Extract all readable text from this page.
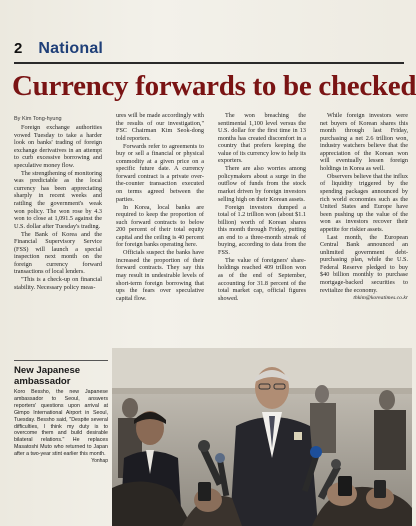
2 National
Currency forwards to be checked
By Kim Tong-hyung

Foreign exchange authorities vowed Tuesday to take a harder look on banks' trading of foreign exchange derivatives in an attempt to curb excessive borrowing and speculative money flow.

The strengthening of monitoring was predictable as the local currency has been appreciating sharply in recent weeks and rattling the government's weak won policy. The won rose by 4.3 won to close at 1,091.5 against the U.S. dollar after Tuesday's trading.

The Bank of Korea and the Financial Supervisory Service (FSS) will launch a special inspection next month on the foreign currency forward transactions of local lenders.

"This is a check-up on financial stability. Necessary policy meas-

ures will be made accordingly with the results of our investigation," FSC Chairman Kim Seok-dong told reporters.

Forwards refer to agreements to buy or sell a financial or physical commodity at a given price on a specific future date. A currency forward contract is a private over-the-counter transaction executed on terms agreed between the parties.

In Korea, local banks are required to keep the proportion of such forward contracts to below 200 percent of their total equity capital and the ceiling is 40 percent for foreign banks operating here.

Officials suspect the banks have increased the proportion of their forward contracts. They say this may result in undesirable levels of short-term foreign borrowing that ups the fears over speculative capital flow.

The won breaching the sentimental 1,100 level versus the U.S. dollar for the first time in 13 months has created discomfort in a country that prefers keeping the value of its currency low to help its exporters.

There are also worries among policymakers about a surge in the outflow of funds from the stock market driven by foreign investors selling high on their Korean assets.

Foreign investors dumped a total of 1.2 trillion won (about $1.1 billion) worth of Korean shares this month through Friday, putting an end to a three-month streak of buying, according to data from the FSS.

The value of foreigners' share-holdings reached 409 trillion won as of the end of September, accounting for 31.8 percent of the total market cap, official figures showed.

While foreign investors were net buyers of Korean shares this month through last Friday, purchasing a net 2.6 trillion won, industry watchers believe that the appreciation of the Korean won will eventually lessen foreign holdings in Korea as well.

Observers believe that the influx of liquidity triggered by the spending packages announced by rich world economies such as the United States and Europe have been pushing up the value of the won as investors recover their appetite for riskier assets.

Last month, the European Central Bank announced an unlimited government debt-purchasing plan, while the U.S. Federal Reserve pledged to buy $40 billion monthly to purchase mortgage-backed securities to revitalize the economy.

thkim@koreatimes.co.kr

New Japanese ambassador
Koro Bessho, the new Japanese ambassador to Seoul, answers reporters' questions upon arrival at Gimpo International Airport in Seoul, Tuesday. Bessho said, "Despite several difficulties, I think my duty is to overcome them and build desirable bilateral relations." He replaces Masatoshi Muto who returned to Japan after a two-year stint earlier this month.
Yonhap
